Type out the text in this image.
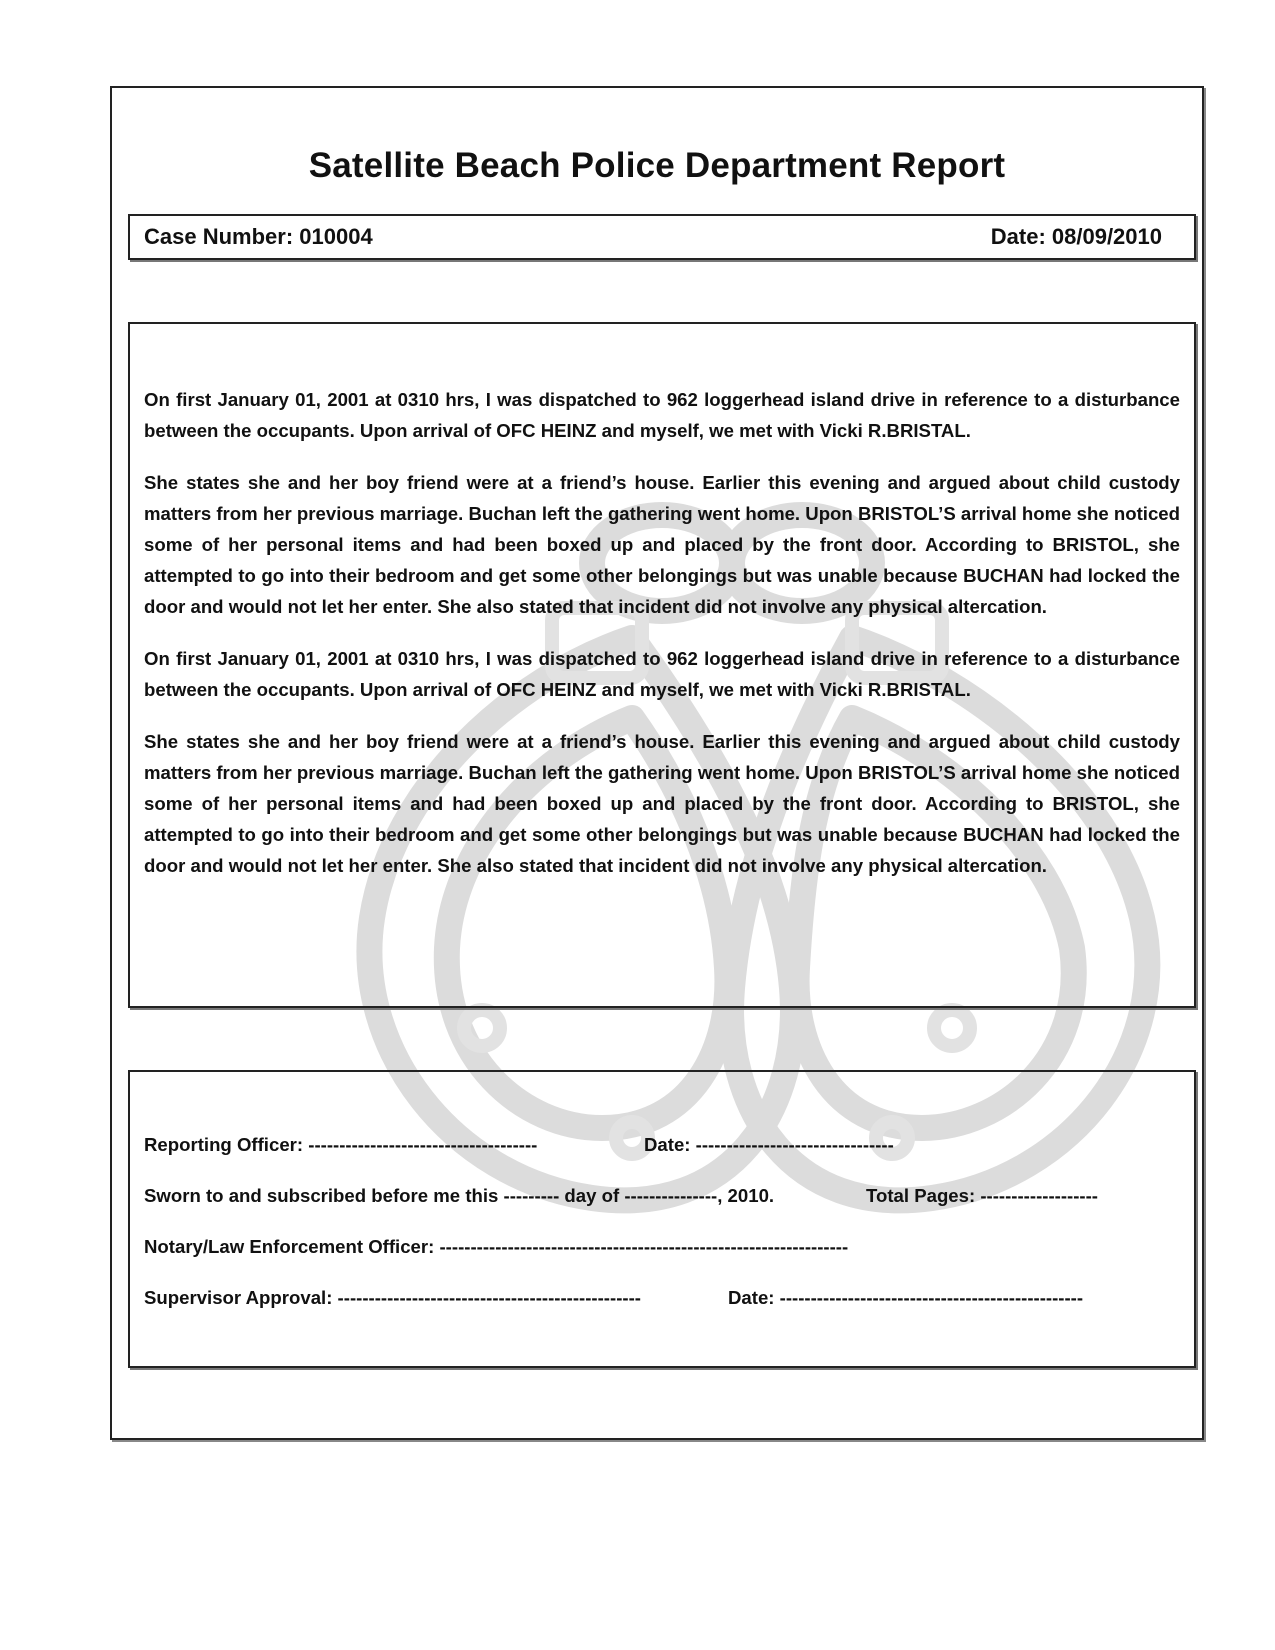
Satellite Beach Police Department Report
Case Number: 010004	Date: 08/09/2010

On first January 01, 2001 at 0310 hrs, I was dispatched to 962 loggerhead island drive in reference to a disturbance between the occupants. Upon arrival of OFC HEINZ and myself, we met with Vicki R.BRISTAL.

She states she and her boy friend were at a friend’s house. Earlier this evening and argued about child custody matters from her previous marriage. Buchan left the gathering went home. Upon BRISTOL’S arrival home she noticed some of her personal items and had been boxed up and placed by the front door. According to BRISTOL, she attempted to go into their bedroom and get some other belongings but was unable because BUCHAN had locked the door and would not let her enter. She also stated that incident did not involve any physical altercation.

On first January 01, 2001 at 0310 hrs, I was dispatched to 962 loggerhead island drive in reference to a disturbance between the occupants. Upon arrival of OFC HEINZ and myself, we met with Vicki R.BRISTAL.

She states she and her boy friend were at a friend’s house. Earlier this evening and argued about child custody matters from her previous marriage. Buchan left the gathering went home. Upon BRISTOL’S arrival home she noticed some of her personal items and had been boxed up and placed by the front door. According to BRISTOL, she attempted to go into their bedroom and get some other belongings but was unable because BUCHAN had locked the door and would not let her enter. She also stated that incident did not involve any physical altercation.

Reporting Officer: -------------------------------------	Date: --------------------------------
Sworn to and subscribed before me this --------- day of ---------------, 2010.	Total Pages: -------------------
Notary/Law Enforcement Officer: ------------------------------------------------------------------
Supervisor Approval: -------------------------------------------------	Date: -------------------------------------------------
